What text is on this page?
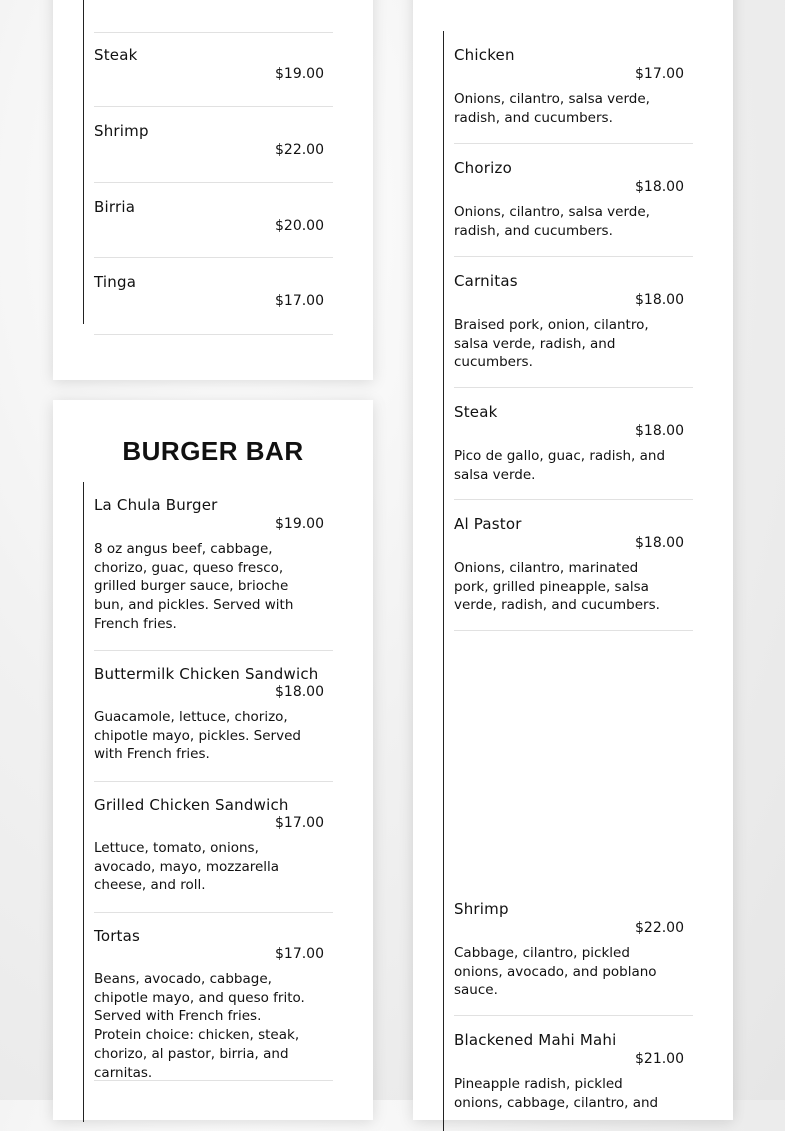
Steak
$19.00
Shrimp
$22.00
Birria
$20.00
Tinga
$17.00
BURGER BAR
La Chula Burger
$19.00
8 oz angus beef, cabbage, chorizo, guac, queso fresco, grilled burger sauce, brioche bun, and pickles. Served with French fries.
Buttermilk Chicken Sandwich
$18.00
Guacamole, lettuce, chorizo, chipotle mayo, pickles. Served with French fries.
Grilled Chicken Sandwich
$17.00
Lettuce, tomato, onions, avocado, mayo, mozzarella cheese, and roll.
Tortas
$17.00
Beans, avocado, cabbage, chipotle mayo, and queso frito. Served with French fries. Protein choice: chicken, steak, chorizo, al pastor, birria, and carnitas.
Chicken
$17.00
Onions, cilantro, salsa verde, radish, and cucumbers.
Chorizo
$18.00
Onions, cilantro, salsa verde, radish, and cucumbers.
Carnitas
$18.00
Braised pork, onion, cilantro, salsa verde, radish, and cucumbers.
Steak
$18.00
Pico de gallo, guac, radish, and salsa verde.
Al Pastor
$18.00
Onions, cilantro, marinated pork, grilled pineapple, salsa verde, radish, and cucumbers.
Shrimp
$22.00
Cabbage, cilantro, pickled onions, avocado, and poblano sauce.
Blackened Mahi Mahi
$21.00
Pineapple radish, pickled onions, cabbage, cilantro, and
